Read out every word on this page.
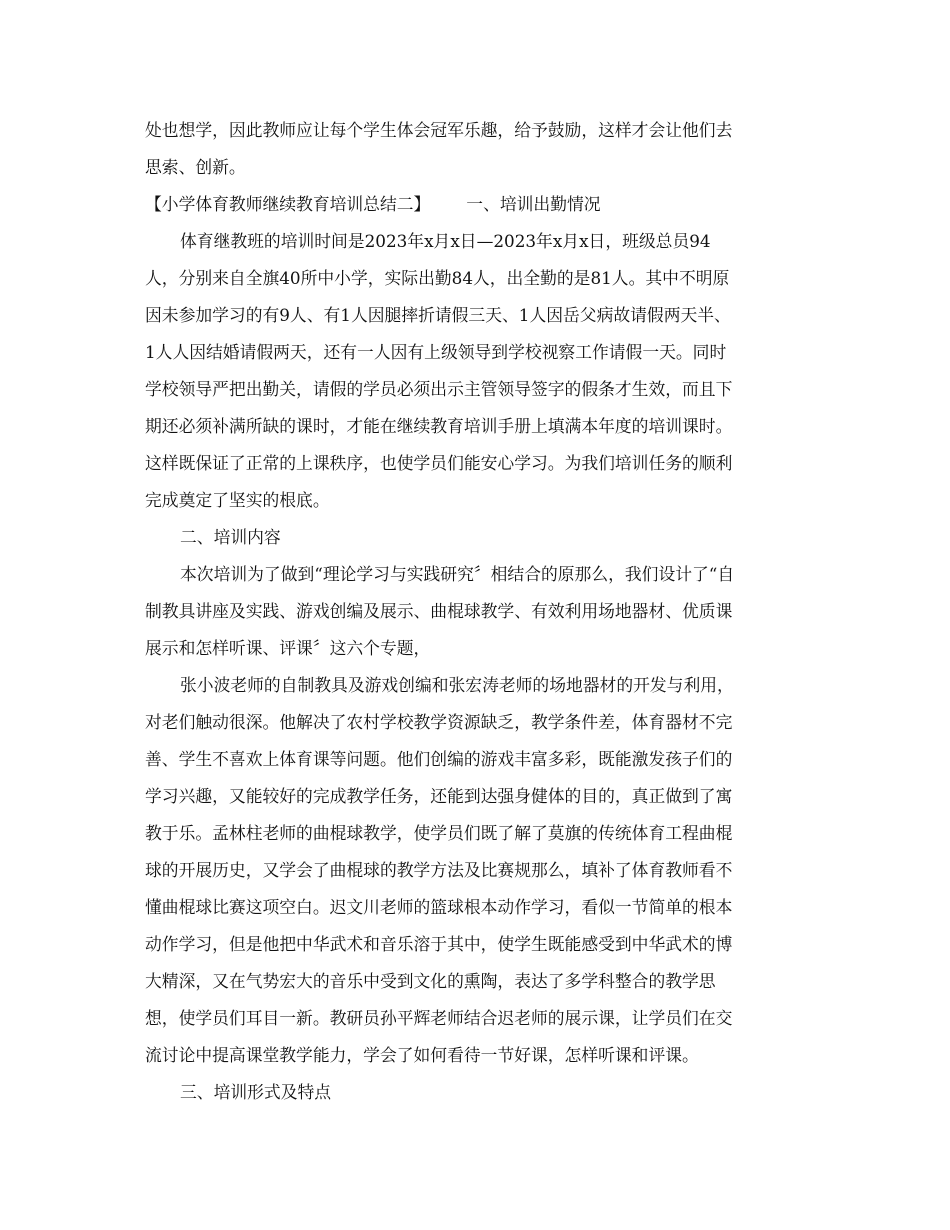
处也想学，因此教师应让每个学生体会冠军乐趣，给予鼓励，这样才会让他们去
思索、创新。
【小学体育教师继续教育培训总结二】 一、培训出勤情况
体育继教班的培训时间是2023年x月x日—2023年x月x日，班级总员94
人，分别来自全旗40所中小学，实际出勤84人，出全勤的是81人。其中不明原
因未参加学习的有9人、有1人因腿摔折请假三天、1人因岳父病故请假两天半、
1人人因结婚请假两天，还有一人因有上级领导到学校视察工作请假一天。同时
学校领导严把出勤关，请假的学员必须出示主管领导签字的假条才生效，而且下
期还必须补满所缺的课时，才能在继续教育培训手册上填满本年度的培训课时。
这样既保证了正常的上课秩序，也使学员们能安心学习。为我们培训任务的顺利
完成奠定了坚实的根底。
二、培训内容
本次培训为了做到“理论学习与实践研究〞相结合的原那么，我们设计了“自
制教具讲座及实践、游戏创编及展示、曲棍球教学、有效利用场地器材、优质课
展示和怎样听课、评课〞这六个专题，
张小波老师的自制教具及游戏创编和张宏涛老师的场地器材的开发与利用，
对老们触动很深。他解决了农村学校教学资源缺乏，教学条件差，体育器材不完
善、学生不喜欢上体育课等问题。他们创编的游戏丰富多彩，既能激发孩子们的
学习兴趣，又能较好的完成教学任务，还能到达强身健体的目的，真正做到了寓
教于乐。孟林柱老师的曲棍球教学，使学员们既了解了莫旗的传统体育工程曲棍
球的开展历史，又学会了曲棍球的教学方法及比赛规那么，填补了体育教师看不
懂曲棍球比赛这项空白。迟文川老师的篮球根本动作学习，看似一节简单的根本
动作学习，但是他把中华武术和音乐溶于其中，使学生既能感受到中华武术的博
大精深，又在气势宏大的音乐中受到文化的熏陶，表达了多学科整合的教学思
想，使学员们耳目一新。教研员孙平辉老师结合迟老师的展示课，让学员们在交
流讨论中提高课堂教学能力，学会了如何看待一节好课，怎样听课和评课。
三、培训形式及特点
